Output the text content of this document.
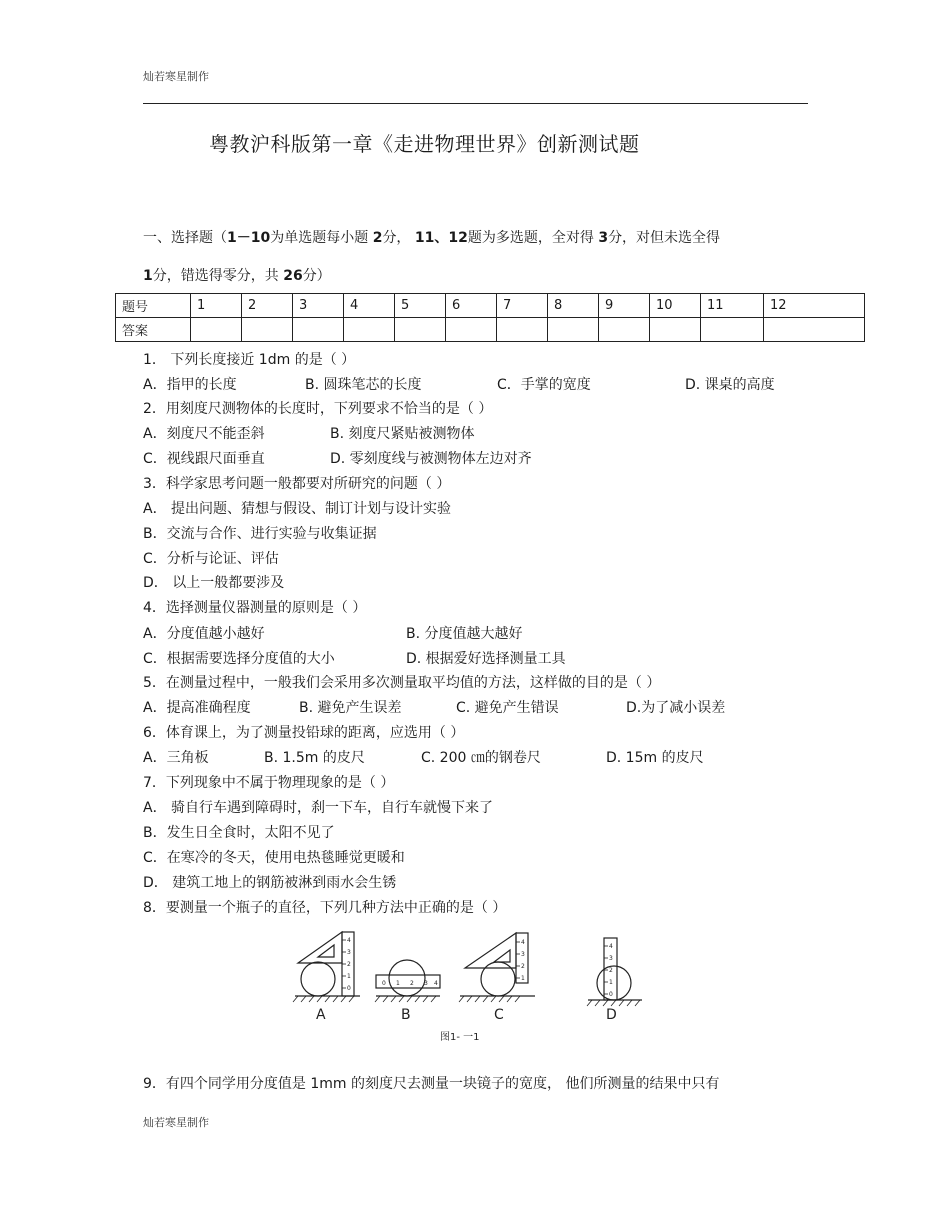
灿若寒星制作
粤教沪科版第一章《走进物理世界》创新测试题
一、选择题（1－10为单选题每小题 2分， 11、12题为多选题，全对得 3分，对但未选全得
1分，错选得零分，共 26分）
题号	1	2	3	4	5	6	7	8	9	10	11	12
答案												
1． 下列长度接近 1dm 的是（ ）
A．指甲的长度	B. 圆珠笔芯的长度	C．手掌的宽度	D. 课桌的高度
2．用刻度尺测物体的长度时，下列要求不恰当的是（ ）
A．刻度尺不能歪斜	B. 刻度尺紧贴被测物体
C．视线跟尺面垂直	D. 零刻度线与被测物体左边对齐
3．科学家思考问题一般都要对所研究的问题（ ）
A． 提出问题、猜想与假设、制订计划与设计实验
B．交流与合作、进行实验与收集证据
C．分析与论证、评估
D． 以上一般都要涉及
4．选择测量仪器测量的原则是（ ）
A．分度值越小越好	B. 分度值越大越好
C．根据需要选择分度值的大小	D. 根据爱好选择测量工具
5．在测量过程中，一般我们会采用多次测量取平均值的方法，这样做的目的是（ ）
A．提高准确程度	B. 避免产生误差	C. 避免产生错误	D.为了减小误差
6．体育课上，为了测量投铅球的距离，应选用（ ）
A．三角板	B. 1.5m 的皮尺	C. 200 ㎝的钢卷尺	D. 15m 的皮尺
7．下列现象中不属于物理现象的是（ ）
A． 骑自行车遇到障碍时，刹一下车，自行车就慢下来了
B．发生日全食时，太阳不见了
C．在寒冷的冬天，使用电热毯睡觉更暖和
D． 建筑工地上的钢筋被淋到雨水会生锈
8．要测量一个瓶子的直径，下列几种方法中正确的是（ ）
4
3
2
1
0
0 1 2 3 4
4
3
2
1
4
3
2
1
0
A	B	C	D
图1- 一1
9．有四个同学用分度值是 1mm 的刻度尺去测量一块镜子的宽度， 他们所测量的结果中只有
灿若寒星制作
